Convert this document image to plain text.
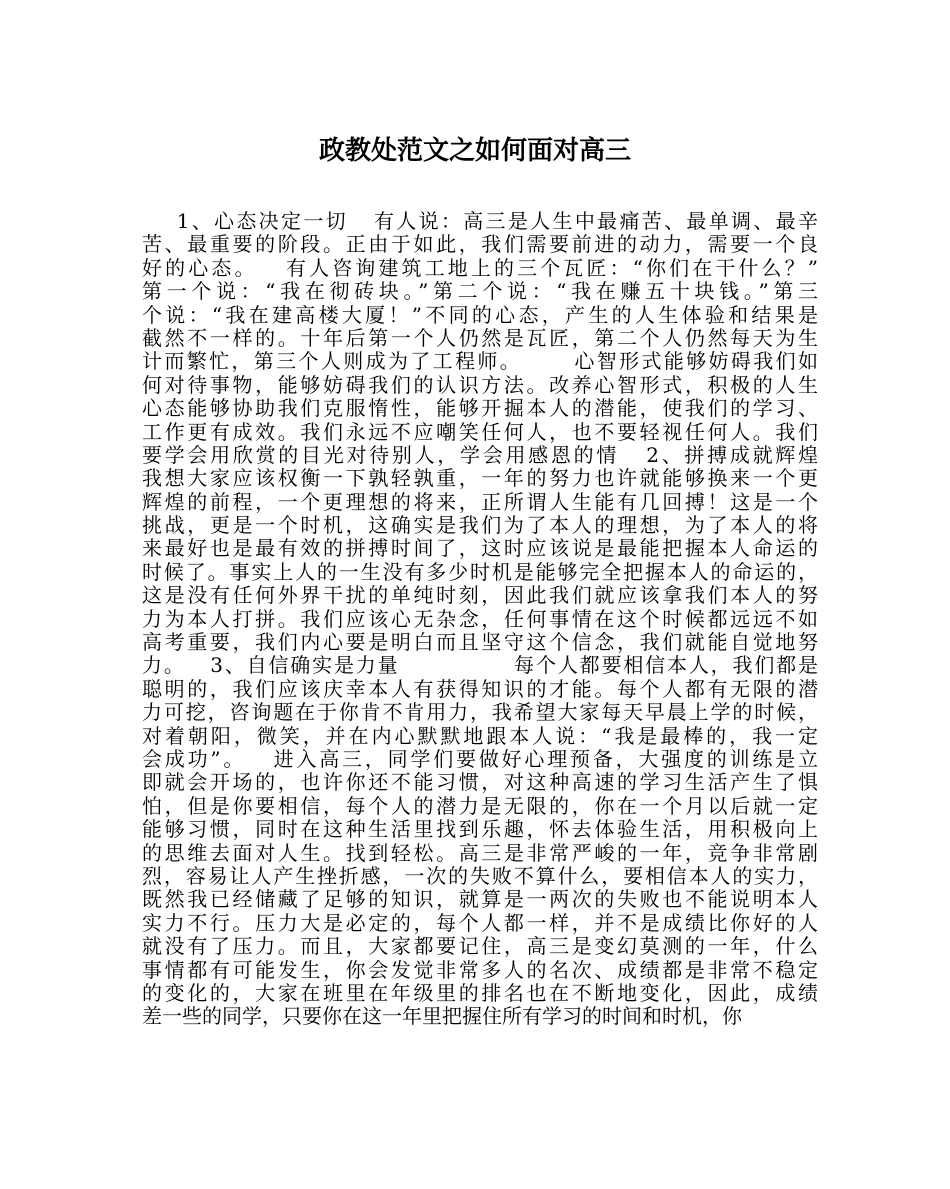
政教处范文之如何面对高三
1、心态决定一切   有人说：高三是人生中最痛苦、最单调、最辛
苦、最重要的阶段。正由于如此，我们需要前进的动力，需要一个良
好的心态。   有人咨询建筑工地上的三个瓦匠：“你们在干什么？”
第一个说：“我在彻砖块。”第二个说：“我在赚五十块钱。”第三
个说：“我在建高楼大厦！”不同的心态，产生的人生体验和结果是
截然不一样的。十年后第一个人仍然是瓦匠，第二个人仍然每天为生
计而繁忙，第三个人则成为了工程师。      心智形式能够妨碍我们如
何对待事物，能够妨碍我们的认识方法。改养心智形式，积极的人生
心态能够协助我们克服惰性，能够开掘本人的潜能，使我们的学习、
工作更有成效。我们永远不应嘲笑任何人，也不要轻视任何人。我们
要学会用欣赏的目光对待别人，学会用感恩的情   2、拼搏成就辉煌
我想大家应该权衡一下孰轻孰重，一年的努力也许就能够换来一个更
辉煌的前程，一个更理想的将来，正所谓人生能有几回搏！这是一个
挑战，更是一个时机，这确实是我们为了本人的理想，为了本人的将
来最好也是最有效的拼搏时间了，这时应该说是最能把握本人命运的
时候了。事实上人的一生没有多少时机是能够完全把握本人的命运的，
这是没有任何外界干扰的单纯时刻，因此我们就应该拿我们本人的努
力为本人打拼。我们应该心无杂念，任何事情在这个时候都远远不如
高考重要，我们内心要是明白而且坚守这个信念，我们就能自觉地努
力。   3、自信确实是力量              每个人都要相信本人，我们都是
聪明的，我们应该庆幸本人有获得知识的才能。每个人都有无限的潜
力可挖，咨询题在于你肯不肯用力，我希望大家每天早晨上学的时候，
对着朝阳，微笑，并在内心默默地跟本人说：“我是最棒的，我一定
会成功”。   进入高三，同学们要做好心理预备，大强度的训练是立
即就会开场的，也许你还不能习惯，对这种高速的学习生活产生了惧
怕，但是你要相信，每个人的潜力是无限的，你在一个月以后就一定
能够习惯，同时在这种生活里找到乐趣，怀去体验生活，用积极向上
的思维去面对人生。找到轻松。高三是非常严峻的一年，竞争非常剧
烈，容易让人产生挫折感，一次的失败不算什么，要相信本人的实力，
既然我已经储藏了足够的知识，就算是一两次的失败也不能说明本人
实力不行。压力大是必定的，每个人都一样，并不是成绩比你好的人
就没有了压力。而且，大家都要记住，高三是变幻莫测的一年，什么
事情都有可能发生，你会发觉非常多人的名次、成绩都是非常不稳定
的变化的，大家在班里在年级里的排名也在不断地变化，因此，成绩
差一些的同学，只要你在这一年里把握住所有学习的时间和时机，你
